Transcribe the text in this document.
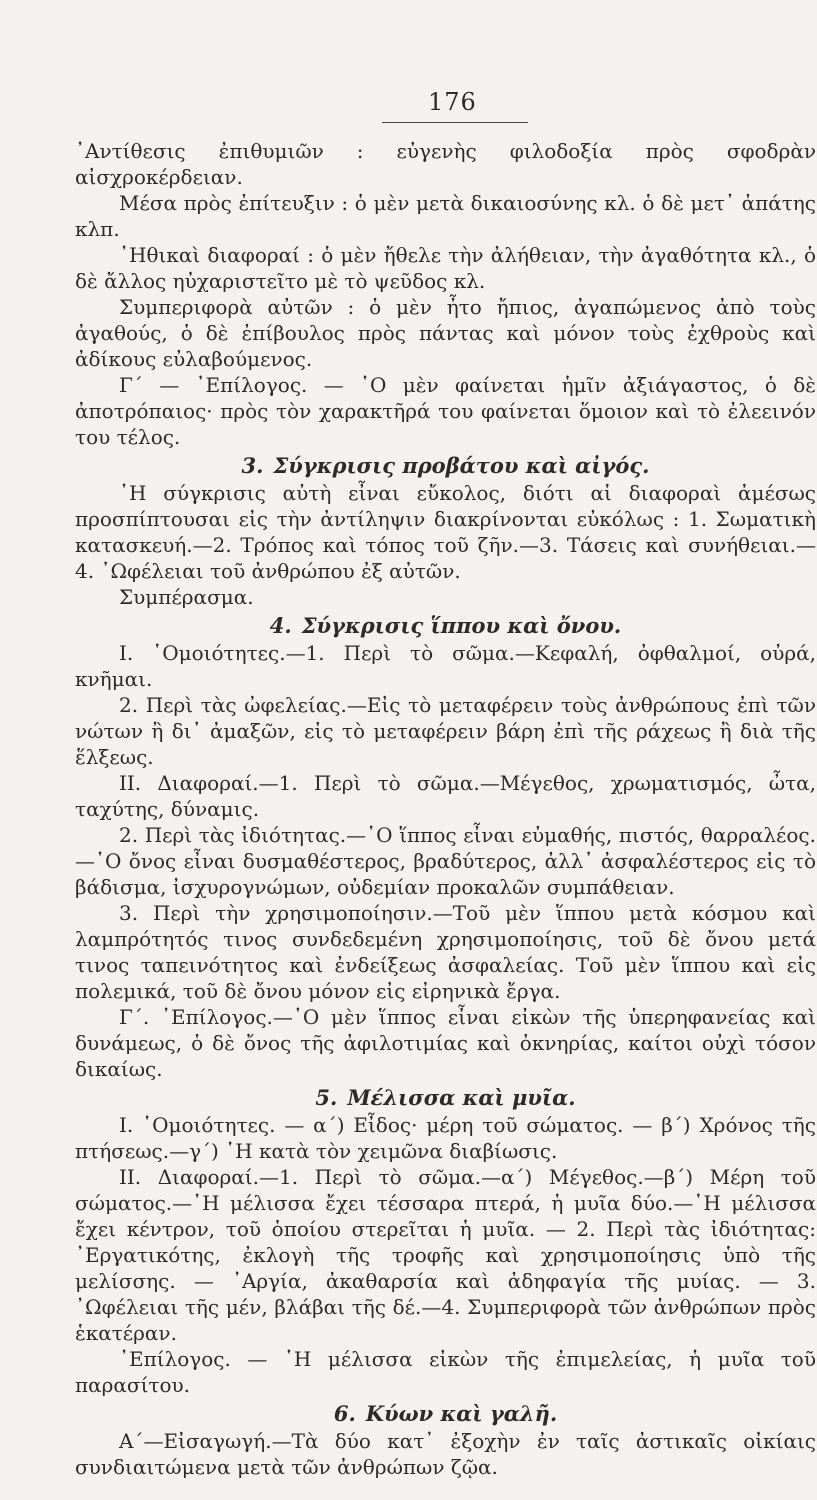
176

᾿Αντίθεσις ἐπιθυμιῶν : εὐγενὴς φιλοδοξία πρὸς σφοδρὰν αἰσχροκέρδειαν.

Μέσα πρὸς ἐπίτευξιν : ὁ μὲν μετὰ δικαιοσύνης κλ. ὁ δὲ μετ᾿ ἀπάτης κλπ.

᾿Ηθικαὶ διαφοραί : ὁ μὲν ἤθελε τὴν ἀλήθειαν, τὴν ἀγαθότητα κλ., ὁ δὲ ἄλλος ηὐχαριστεῖτο μὲ τὸ ψεῦδος κλ.

Συμπεριφορὰ αὐτῶν : ὁ μὲν ἦτο ἤπιος, ἀγαπώμενος ἀπὸ τοὺς ἀγαθούς, ὁ δὲ ἐπίβουλος πρὸς πάντας καὶ μόνον τοὺς ἐχθροὺς καὶ ἀδίκους εὐλαβούμενος.

Γ΄ — ᾿Επίλογος. — ῾Ο μὲν φαίνεται ἡμῖν ἀξιάγαστος, ὁ δὲ ἀποτρόπαιος· πρὸς τὸν χαρακτῆρά του φαίνεται ὅμοιον καὶ τὸ ἐλεεινόν του τέλος.

3. Σύγκρισις προβάτου καὶ αἰγός.

῾Η σύγκρισις αὐτὴ εἶναι εὔκολος, διότι αἱ διαφοραὶ ἀμέσως προσπίπτουσαι εἰς τὴν ἀντίληψιν διακρίνονται εὐκόλως : 1. Σωματικὴ κατασκευή.—2. Τρόπος καὶ τόπος τοῦ ζῆν.—3. Τάσεις καὶ συνήθειαι.— 4. ᾿Ωφέλειαι τοῦ ἀνθρώπου ἐξ αὐτῶν.

Συμπέρασμα.

4. Σύγκρισις ἵππου καὶ ὄνου.

Ι. ῾Ομοιότητες.—1. Περὶ τὸ σῶμα.—Κεφαλή, ὀφθαλμοί, οὐρά, κνῆμαι.

2. Περὶ τὰς ὠφελείας.—Εἰς τὸ μεταφέρειν τοὺς ἀνθρώπους ἐπὶ τῶν νώτων ἢ δι᾿ ἀμαξῶν, εἰς τὸ μεταφέρειν βάρη ἐπὶ τῆς ράχεως ἢ διὰ τῆς ἕλξεως.

ΙΙ. Διαφοραί.—1. Περὶ τὸ σῶμα.—Μέγεθος, χρωματισμός, ὦτα, ταχύτης, δύναμις.

2. Περὶ τὰς ἰδιότητας.—῾Ο ἵππος εἶναι εὐμαθής, πιστός, θαρραλέος. —῾Ο ὄνος εἶναι δυσμαθέστερος, βραδύτερος, ἀλλ᾿ ἀσφαλέστερος εἰς τὸ βάδισμα, ἰσχυρογνώμων, οὐδεμίαν προκαλῶν συμπάθειαν.

3. Περὶ τὴν χρησιμοποίησιν.—Τοῦ μὲν ἵππου μετὰ κόσμου καὶ λαμπρότητός τινος συνδεδεμένη χρησιμοποίησις, τοῦ δὲ ὄνου μετά τινος ταπεινότητος καὶ ἐνδείξεως ἀσφαλείας. Τοῦ μὲν ἵππου καὶ εἰς πολεμικά, τοῦ δὲ ὄνου μόνον εἰς εἰρηνικὰ ἔργα.

Γ΄. ᾿Επίλογος.—῾Ο μὲν ἵππος εἶναι εἰκὼν τῆς ὑπερηφανείας καὶ δυνάμεως, ὁ δὲ ὄνος τῆς ἀφιλοτιμίας καὶ ὀκνηρίας, καίτοι οὐχὶ τόσον δικαίως.

5. Μέλισσα καὶ μυῖα.

Ι. ῾Ομοιότητες. — α΄) Εἶδος· μέρη τοῦ σώματος. — β΄) Χρόνος τῆς πτήσεως.—γ΄) ῾Η κατὰ τὸν χειμῶνα διαβίωσις.

ΙΙ. Διαφοραί.—1. Περὶ τὸ σῶμα.—α΄) Μέγεθος.—β΄) Μέρη τοῦ σώματος.—῾Η μέλισσα ἔχει τέσσαρα πτερά, ἡ μυῖα δύο.—῾Η μέλισσα ἔχει κέντρον, τοῦ ὁποίου στερεῖται ἡ μυῖα. — 2. Περὶ τὰς ἰδιότητας: ᾿Εργατικότης, ἐκλογὴ τῆς τροφῆς καὶ χρησιμοποίησις ὑπὸ τῆς μελίσσης. — ᾿Αργία, ἀκαθαρσία καὶ ἀδηφαγία τῆς μυίας. — 3. ᾿Ωφέλειαι τῆς μέν, βλάβαι τῆς δέ.—4. Συμπεριφορὰ τῶν ἀνθρώπων πρὸς ἑκατέραν.

᾿Επίλογος. — ῾Η μέλισσα εἰκὼν τῆς ἐπιμελείας, ἡ μυῖα τοῦ παρασίτου.

6. Κύων καὶ γαλῆ.

Α΄—Εἰσαγωγή.—Τὰ δύο κατ᾿ ἐξοχὴν ἐν ταῖς ἀστικαῖς οἰκίαις συνδιαιτώμενα μετὰ τῶν ἀνθρώπων ζῷα.
